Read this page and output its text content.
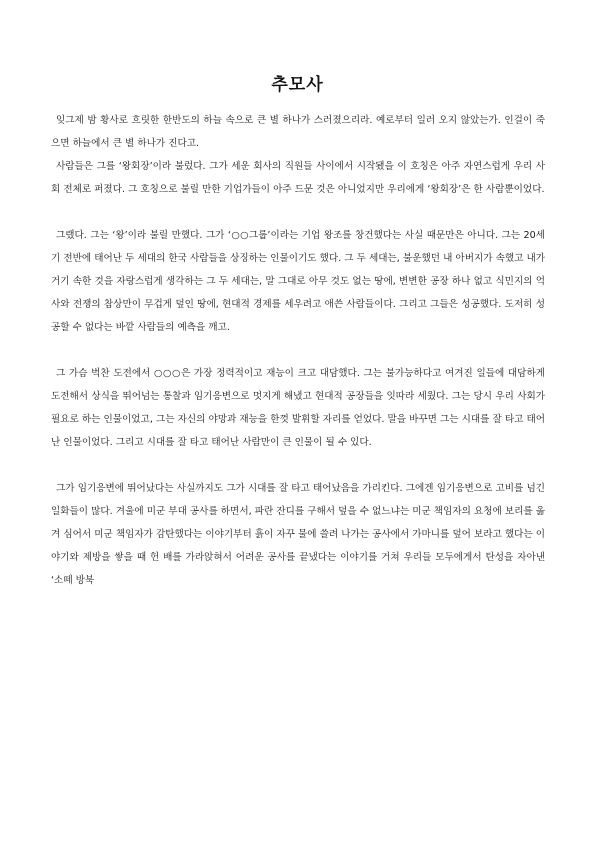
추모사

잊그제 밤 황사로 흐릿한 한반도의 하늘 속으로 큰 별 하나가 스러졌으리라. 예로부터 일러 오지 않았는가. 인걸이 죽으면 하늘에서 큰 별 하나가 진다고.

사람들은 그를 ‘왕회장’이라 불렀다. 그가 세운 회사의 직원들 사이에서 시작됐을 이 호칭은 아주 자연스럽게 우리 사회 전체로 퍼졌다. 그 호칭으로 불릴 만한 기업가들이 아주 드문 것은 아니었지만 우리에게 ‘왕회장’은 한 사람뿐이었다.

그랬다. 그는 ‘왕’이라 불릴 만했다. 그가 ‘○○그룹’이라는 기업 왕조를 창건했다는 사실 때문만은 아니다. 그는 20세기 전반에 태어난 두 세대의 한국 사람들을 상징하는 인물이기도 했다. 그 두 세대는, 불운했던 내 아버지가 속했고 내가 거기 속한 것을 자랑스럽게 생각하는 그 두 세대는, 말 그대로 아무 것도 없는 땅에, 변변한 공장 하나 없고 식민지의 억사와 전쟁의 참상만이 무겁게 덮인 땅에, 현대적 경제를 세우려고 애쓴 사람들이다. 그리고 그들은 성공했다. 도저히 성공할 수 없다는 바깥 사람들의 예측을 깨고.

그 가슴 벅찬 도전에서 ○○○은 가장 정력적이고 재능이 크고 대담했다. 그는 불가능하다고 여겨진 일들에 대담하게 도전해서 상식을 뛰어넘는 통찰과 임기응변으로 멋지게 해냈고 현대적 공장들을 잇따라 세웠다. 그는 당시 우리 사회가 필요로 하는 인물이었고, 그는 자신의 야망과 재능을 한껏 발휘할 자리를 얻었다. 말을 바꾸면 그는 시대를 잘 타고 태어난 인물이었다. 그리고 시대를 잘 타고 태어난 사람만이 큰 인물이 될 수 있다.

그가 임기응변에 뛰어났다는 사실까지도 그가 시대를 잘 타고 태어났음을 가리킨다. 그에겐 임기응변으로 고비를 넘긴 일화들이 많다. 겨울에 미군 부대 공사를 하면서, 파란 잔디를 구해서 덮을 수 없느냐는 미군 책임자의 요청에 보리를 옮겨 심어서 미군 책임자가 감탄했다는 이야기부터 흙이 자꾸 물에 쓸려 나가는 공사에서 가마니를 덮어 보라고 했다는 이야기와 제방을 쌓을 때 헌 배를 가라앉혀서 어려운 공사를 끝냈다는 이야기를 거쳐 우리들 모두에게서 탄성을 자아낸 ‘소떼 방북
